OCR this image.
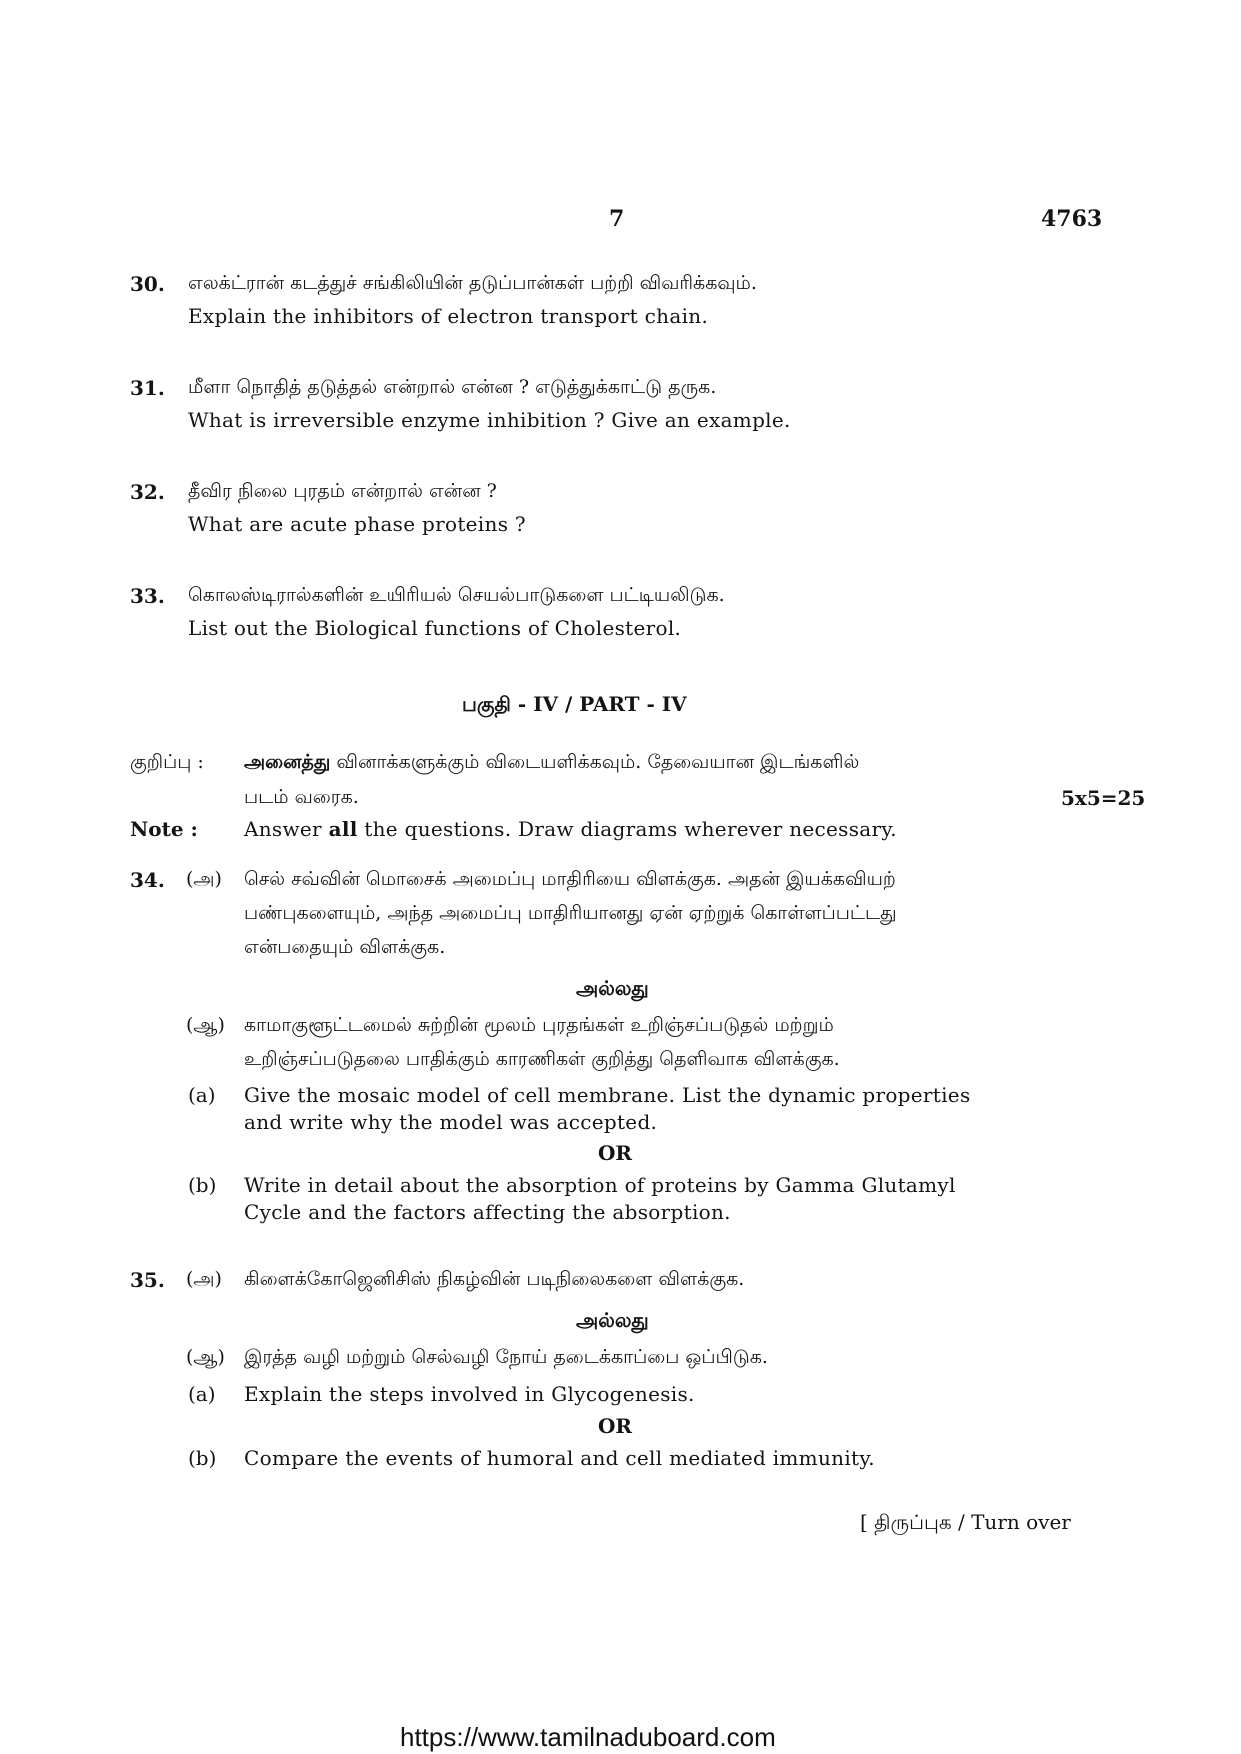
7	4763
30. எலக்ட்ரான் கடத்துச் சங்கிலியின் தடுப்பான்கள் பற்றி விவரிக்கவும்.
Explain the inhibitors of electron transport chain.
31. மீளா நொதித் தடுத்தல் என்றால் என்ன ? எடுத்துக்காட்டு தருக.
What is irreversible enzyme inhibition ? Give an example.
32. தீவிர நிலை புரதம் என்றால் என்ன ?
What are acute phase proteins ?
33. கொலஸ்டிரால்களின் உயிரியல் செயல்பாடுகளை பட்டியலிடுக.
List out the Biological functions of Cholesterol.
பகுதி - IV / PART - IV
குறிப்பு : அனைத்து வினாக்களுக்கும் விடையளிக்கவும். தேவையான இடங்களில்
படம் வரைக.	5x5=25
Note : Answer all the questions. Draw diagrams wherever necessary.
34. (அ) செல் சவ்வின் மொசைக் அமைப்பு மாதிரியை விளக்குக. அதன் இயக்கவியற்
பண்புகளையும், அந்த அமைப்பு மாதிரியானது ஏன் ஏற்றுக் கொள்ளப்பட்டது
என்பதையும் விளக்குக.
அல்லது
(ஆ) காமாகுளூட்டமைல் சுற்றின் மூலம் புரதங்கள் உறிஞ்சப்படுதல் மற்றும்
உறிஞ்சப்படுதலை பாதிக்கும் காரணிகள் குறித்து தெளிவாக விளக்குக.
(a) Give the mosaic model of cell membrane. List the dynamic properties
and write why the model was accepted.
OR
(b) Write in detail about the absorption of proteins by Gamma Glutamyl
Cycle and the factors affecting the absorption.
35. (அ) கிளைக்கோஜெனிசிஸ் நிகழ்வின் படிநிலைகளை விளக்குக.
அல்லது
(ஆ) இரத்த வழி மற்றும் செல்வழி நோய் தடைக்காப்பை ஒப்பிடுக.
(a) Explain the steps involved in Glycogenesis.
OR
(b) Compare the events of humoral and cell mediated immunity.
[ திருப்புக / Turn over
https://www.tamilnaduboard.com
